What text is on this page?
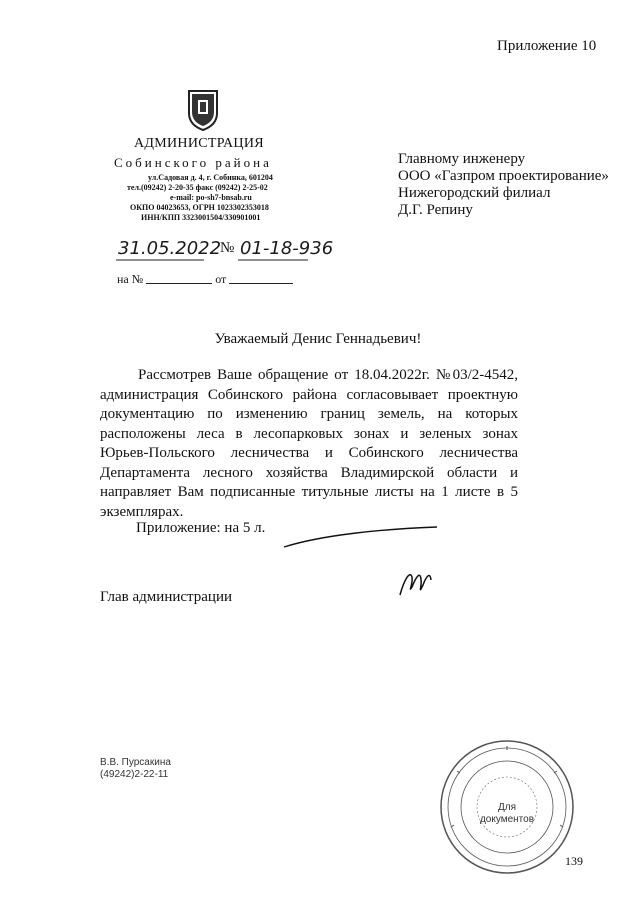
Приложение 10
АДМИНИСТРАЦИЯ
Собинского района
ул.Садовая д. 4, г. Собинка, 601204
тел.(09242) 2-20-35 факс (09242) 2-25-02
e-mail: po-sh7-bnsab.ru
ОКПО 04023653, ОГРН 1023302353018
ИНН/КПП 3323001504/330901001
Главному инженеру
ООО «Газпром проектирование»
Нижегородский филиал
Д.Г. Репину
31.05.2022
№ 01-18-936
на №	от
Уважаемый Денис Геннадьевич!
Рассмотрев Ваше обращение от 18.04.2022г. №03/2-4542, администрация Собинского района согласовывает проектную документацию по изменению границ земель, на которых расположены леса в лесопарковых зонах и зеленых зонах Юрьев-Польского лесничества и Собинского лесничества Департамента лесного хозяйства Владимирской области и направляет Вам подписанные титульные листы на 1 листе в 5 экземплярах.
Приложение: на 5 л.
Глав администрации
В.В. Пурсакина
(49242)2-22-11
Для
документов
139
